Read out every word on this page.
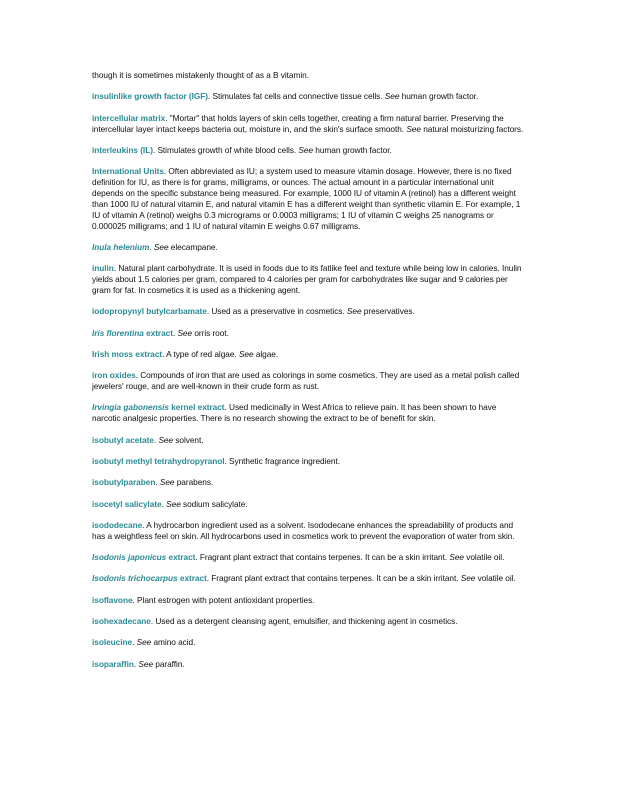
though it is sometimes mistakenly thought of as a B vitamin.

insulinlike growth factor (IGF). Stimulates fat cells and connective tissue cells. See human growth factor.

intercellular matrix. "Mortar" that holds layers of skin cells together, creating a firm natural barrier. Preserving the intercellular layer intact keeps bacteria out, moisture in, and the skin's surface smooth. See natural moisturizing factors.

interleukins (IL). Stimulates growth of white blood cells. See human growth factor.

International Units. Often abbreviated as IU; a system used to measure vitamin dosage. However, there is no fixed definition for IU, as there is for grams, milligrams, or ounces. The actual amount in a particular international unit depends on the specific substance being measured. For example, 1000 IU of vitamin A (retinol) has a different weight than 1000 IU of natural vitamin E, and natural vitamin E has a different weight than synthetic vitamin E. For example, 1 IU of vitamin A (retinol) weighs 0.3 micrograms or 0.0003 milligrams; 1 IU of vitamin C weighs 25 nanograms or 0.000025 milligrams; and 1 IU of natural vitamin E weighs 0.67 milligrams.

Inula helenium. See elecampane.

inulin. Natural plant carbohydrate. It is used in foods due to its fatlike feel and texture while being low in calories. Inulin yields about 1.5 calories per gram, compared to 4 calories per gram for carbohydrates like sugar and 9 calories per gram for fat. In cosmetics it is used as a thickening agent.

iodopropynyl butylcarbamate. Used as a preservative in cosmetics. See preservatives.

Iris florentina extract. See orris root.

Irish moss extract. A type of red algae. See algae.

iron oxides. Compounds of iron that are used as colorings in some cosmetics. They are used as a metal polish called jewelers' rouge, and are well-known in their crude form as rust.

Irvingia gabonensis kernel extract. Used medicinally in West Africa to relieve pain. It has been shown to have narcotic analgesic properties. There is no research showing the extract to be of benefit for skin.

isobutyl acetate. See solvent.

isobutyl methyl tetrahydropyranol. Synthetic fragrance ingredient.

isobutylparaben. See parabens.

isocetyl salicylate. See sodium salicylate.

isododecane. A hydrocarbon ingredient used as a solvent. Isododecane enhances the spreadability of products and has a weightless feel on skin. All hydrocarbons used in cosmetics work to prevent the evaporation of water from skin.

Isodonis japonicus extract. Fragrant plant extract that contains terpenes. It can be a skin irritant. See volatile oil.

Isodonis trichocarpus extract. Fragrant plant extract that contains terpenes. It can be a skin irritant. See volatile oil.

isoflavone. Plant estrogen with potent antioxidant properties.

isohexadecane. Used as a detergent cleansing agent, emulsifier, and thickening agent in cosmetics.

isoleucine. See amino acid.

isoparaffin. See paraffin.
